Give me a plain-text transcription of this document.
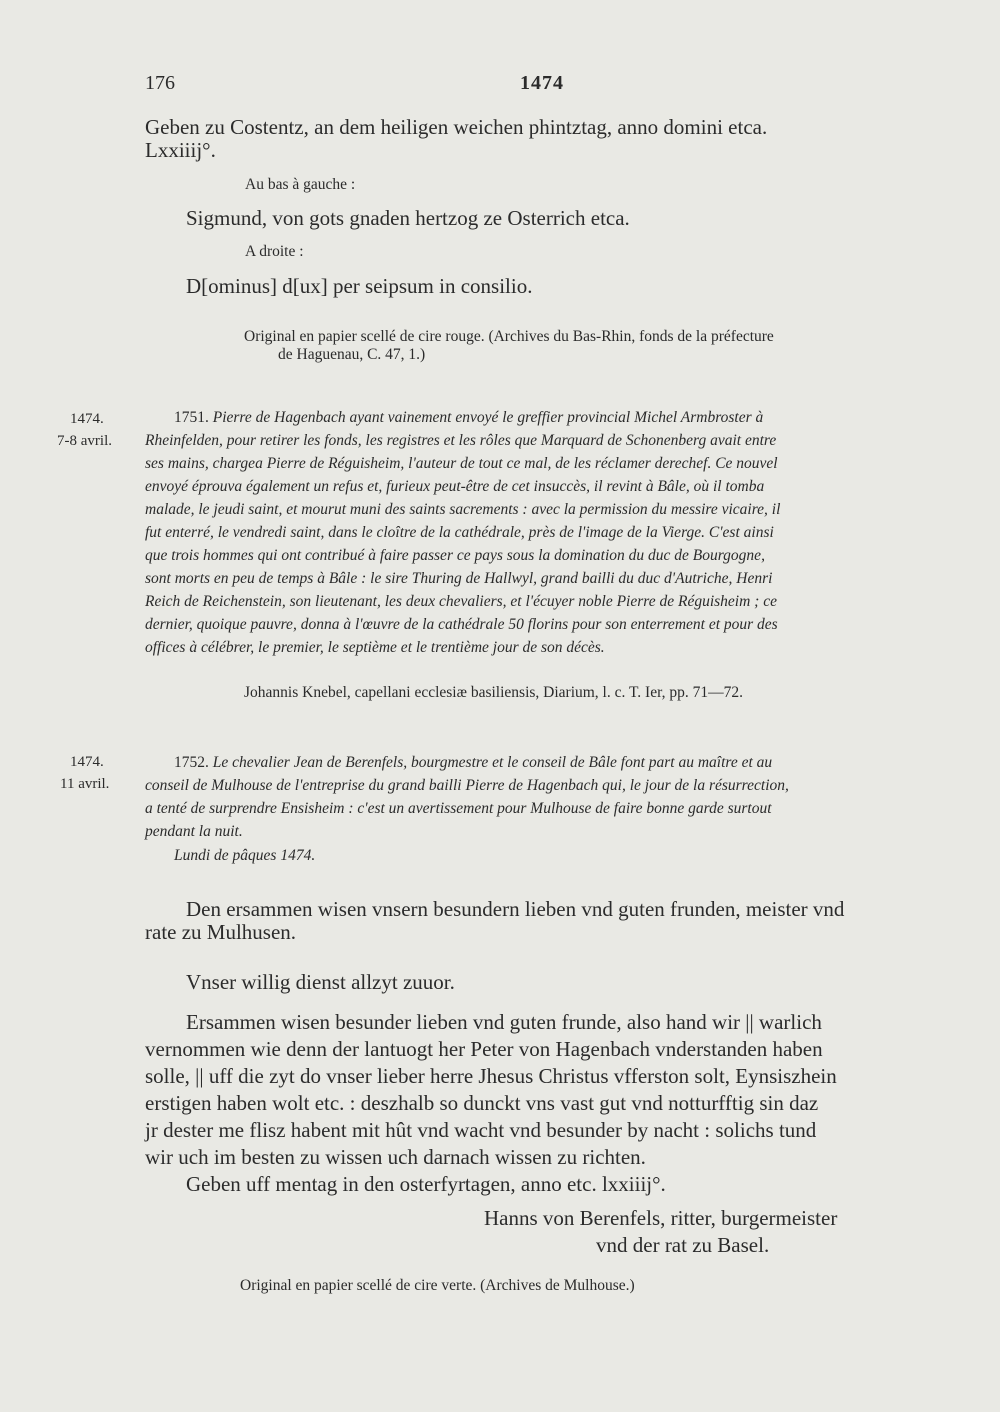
176	1474
Geben zu Costentz, an dem heiligen weichen phintztag, anno domini etca.
Lxxiiij°.
Au bas à gauche :
Sigmund, von gots gnaden hertzog ze Osterrich etca.
A droite :
D[ominus] d[ux] per seipsum in consilio.
Original en papier scellé de cire rouge. (Archives du Bas-Rhin, fonds de la préfecture
de Haguenau, C. 47, 1.)
1474.
7-8 avril.
1751. Pierre de Hagenbach ayant vainement envoyé le greffier provincial Michel Armbroster à
Rheinfelden, pour retirer les fonds, les registres et les rôles que Marquard de Schonenberg avait entre
ses mains, chargea Pierre de Réguisheim, l'auteur de tout ce mal, de les réclamer derechef. Ce nouvel
envoyé éprouva également un refus et, furieux peut-être de cet insuccès, il revint à Bâle, où il tomba
malade, le jeudi saint, et mourut muni des saints sacrements : avec la permission du messire vicaire, il
fut enterré, le vendredi saint, dans le cloître de la cathédrale, près de l'image de la Vierge. C'est ainsi
que trois hommes qui ont contribué à faire passer ce pays sous la domination du duc de Bourgogne,
sont morts en peu de temps à Bâle : le sire Thuring de Hallwyl, grand bailli du duc d'Autriche, Henri
Reich de Reichenstein, son lieutenant, les deux chevaliers, et l'écuyer noble Pierre de Réguisheim ; ce
dernier, quoique pauvre, donna à l'œuvre de la cathédrale 50 florins pour son enterrement et pour des
offices à célébrer, le premier, le septième et le trentième jour de son décès.
Johannis Knebel, capellani ecclesiæ basiliensis, Diarium, l. c. T. Ier, pp. 71—72.
1474.
11 avril.
1752. Le chevalier Jean de Berenfels, bourgmestre et le conseil de Bâle font part au maître et au
conseil de Mulhouse de l'entreprise du grand bailli Pierre de Hagenbach qui, le jour de la résurrection,
a tenté de surprendre Ensisheim : c'est un avertissement pour Mulhouse de faire bonne garde surtout
pendant la nuit.
Lundi de pâques 1474.
Den ersammen wisen vnsern besundern lieben vnd guten frunden, meister vnd
rate zu Mulhusen.
Vnser willig dienst allzyt zuuor.
Ersammen wisen besunder lieben vnd guten frunde, also hand wir || warlich
vernommen wie denn der lantuogt her Peter von Hagenbach vnderstanden haben
solle, || uff die zyt do vnser lieber herre Jhesus Christus vfferston solt, Eynsiszhein
erstigen haben wolt etc. : deszhalb so dunckt vns vast gut vnd notturfftig sin daz
jr dester me flisz habent mit hût vnd wacht vnd besunder by nacht : solichs tund
wir uch im besten zu wissen uch darnach wissen zu richten.
Geben uff mentag in den osterfyrtagen, anno etc. lxxiiij°.
Hanns von Berenfels, ritter, burgermeister
vnd der rat zu Basel.
Original en papier scellé de cire verte. (Archives de Mulhouse.)
